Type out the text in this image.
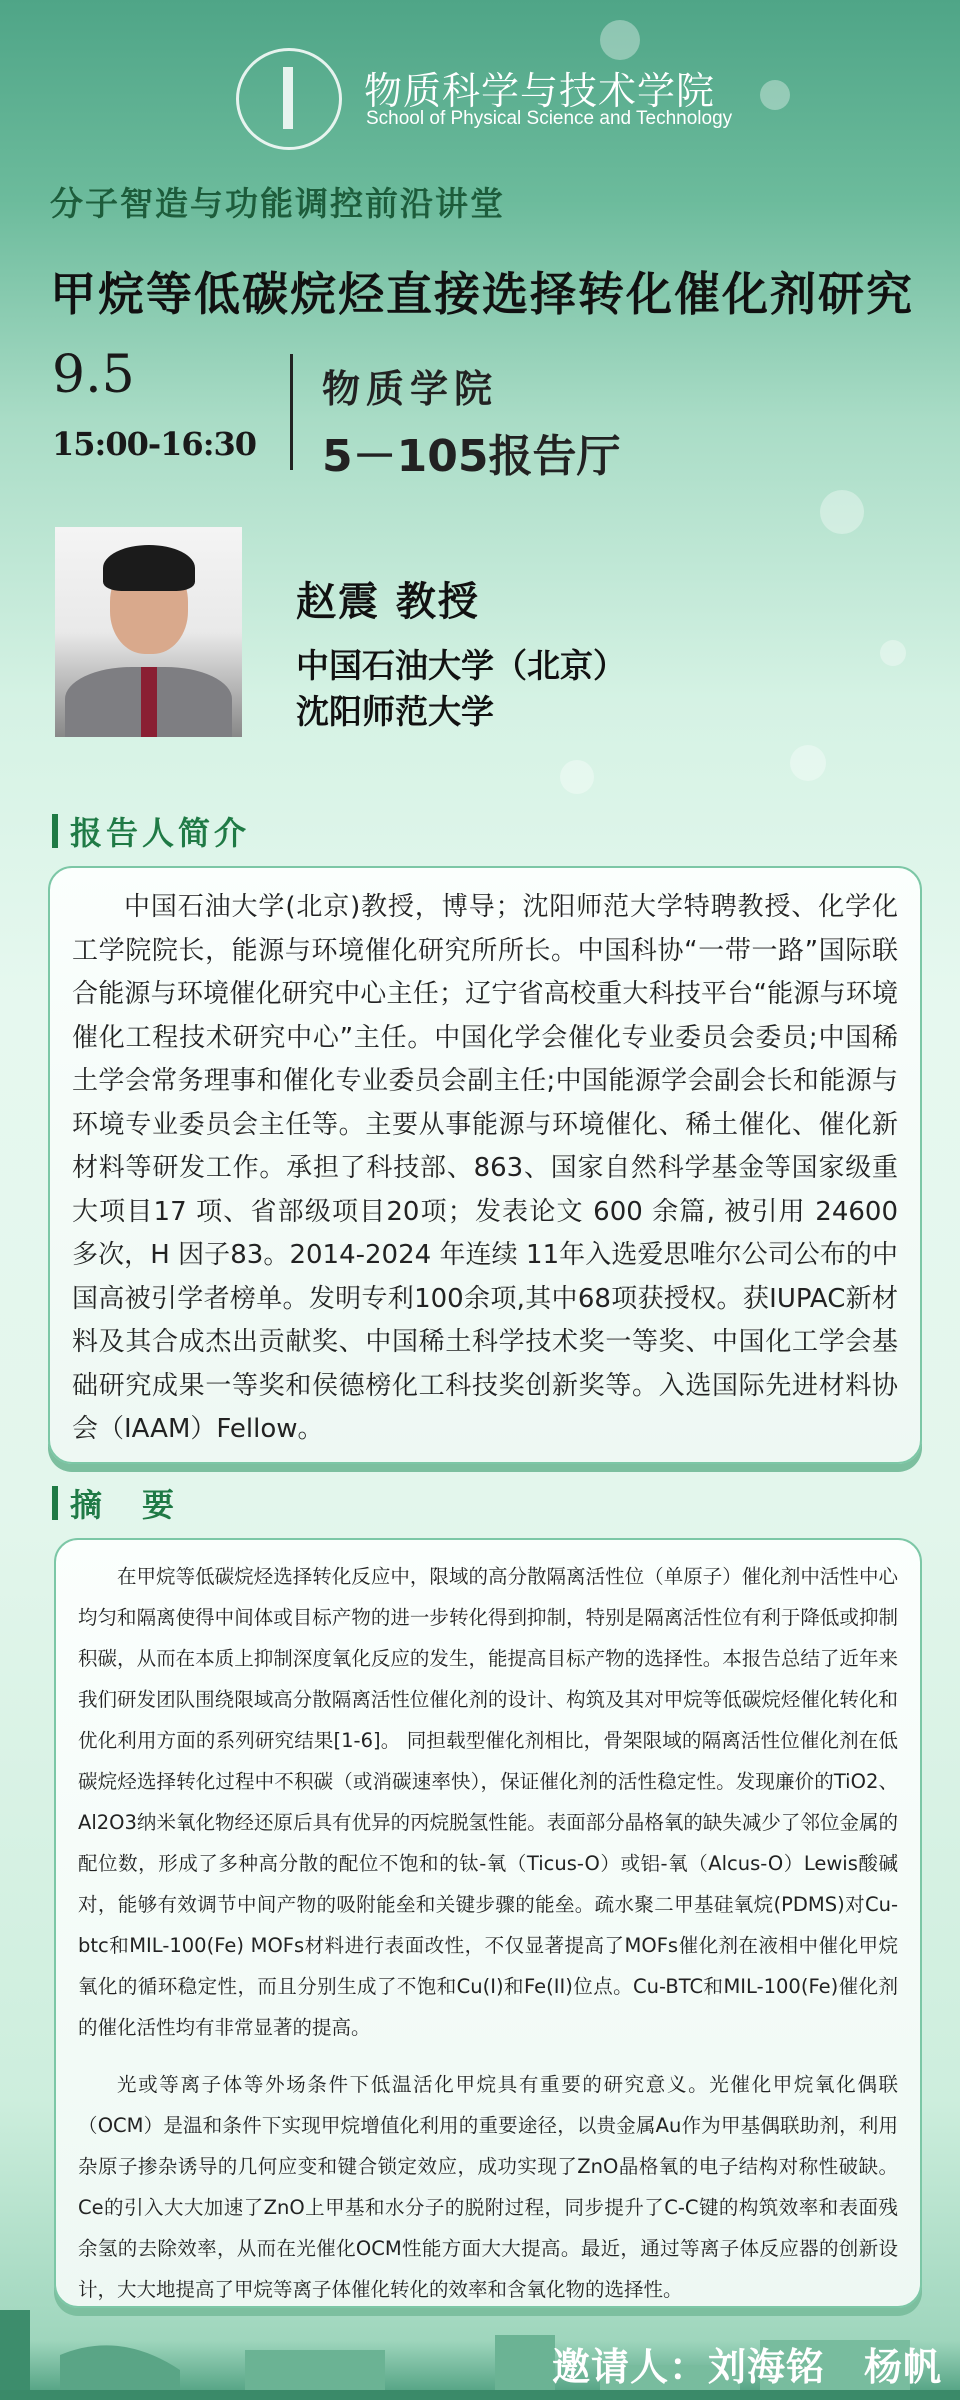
物质科学与技术学院
School of Physical Science and Technology
分子智造与功能调控前沿讲堂
甲烷等低碳烷烃直接选择转化催化剂研究
9.5
15:00-16:30
物质学院
5－105报告厅
赵震 教授
中国石油大学（北京）
沈阳师范大学
报告人简介
中国石油大学(北京)教授，博导；沈阳师范大学特聘教授、化学化工学院院长，能源与环境催化研究所所长。中国科协“一带一路”国际联合能源与环境催化研究中心主任；辽宁省高校重大科技平台“能源与环境催化工程技术研究中心”主任。中国化学会催化专业委员会委员;中国稀土学会常务理事和催化专业委员会副主任;中国能源学会副会长和能源与环境专业委员会主任等。主要从事能源与环境催化、稀土催化、催化新材料等研发工作。承担了科技部、863、国家自然科学基金等国家级重大项目17 项、省部级项目20项；发表论文 600 余篇, 被引用 24600 多次，H 因子83。2014-2024 年连续 11年入选爱思唯尔公司公布的中国高被引学者榜单。发明专利100余项,其中68项获授权。获IUPAC新材料及其合成杰出贡献奖、中国稀土科学技术奖一等奖、中国化工学会基础研究成果一等奖和侯德榜化工科技奖创新奖等。入选国际先进材料协会（IAAM）Fellow。
摘　要

在甲烷等低碳烷烃选择转化反应中，限域的高分散隔离活性位（单原子）催化剂中活性中心均匀和隔离使得中间体或目标产物的进一步转化得到抑制，特别是隔离活性位有利于降低或抑制积碳，从而在本质上抑制深度氧化反应的发生，能提高目标产物的选择性。本报告总结了近年来我们研发团队围绕限域高分散隔离活性位催化剂的设计、构筑及其对甲烷等低碳烷烃催化转化和优化利用方面的系列研究结果[1-6]。 同担载型催化剂相比，骨架限域的隔离活性位催化剂在低碳烷烃选择转化过程中不积碳（或消碳速率快），保证催化剂的活性稳定性。发现廉价的TiO2、Al2O3纳米氧化物经还原后具有优异的丙烷脱氢性能。表面部分晶格氧的缺失减少了邻位金属的配位数，形成了多种高分散的配位不饱和的钛-氧（Ticus-O）或铝-氧（Alcus-O）Lewis酸碱对，能够有效调节中间产物的吸附能垒和关键步骤的能垒。疏水聚二甲基硅氧烷(PDMS)对Cu-btc和MIL-100(Fe) MOFs材料进行表面改性，不仅显著提高了MOFs催化剂在液相中催化甲烷氧化的循环稳定性，而且分别生成了不饱和Cu(I)和Fe(II)位点。Cu-BTC和MIL-100(Fe)催化剂的催化活性均有非常显著的提高。

光或等离子体等外场条件下低温活化甲烷具有重要的研究意义。光催化甲烷氧化偶联（OCM）是温和条件下实现甲烷增值化利用的重要途径，以贵金属Au作为甲基偶联助剂，利用杂原子掺杂诱导的几何应变和键合锁定效应，成功实现了ZnO晶格氧的电子结构对称性破缺。Ce的引入大大加速了ZnO上甲基和水分子的脱附过程，同步提升了C-C键的构筑效率和表面残余氢的去除效率，从而在光催化OCM性能方面大大提高。最近，通过等离子体反应器的创新设计，大大地提高了甲烷等离子体催化转化的效率和含氧化物的选择性。

邀请人：刘海铭　杨帆
